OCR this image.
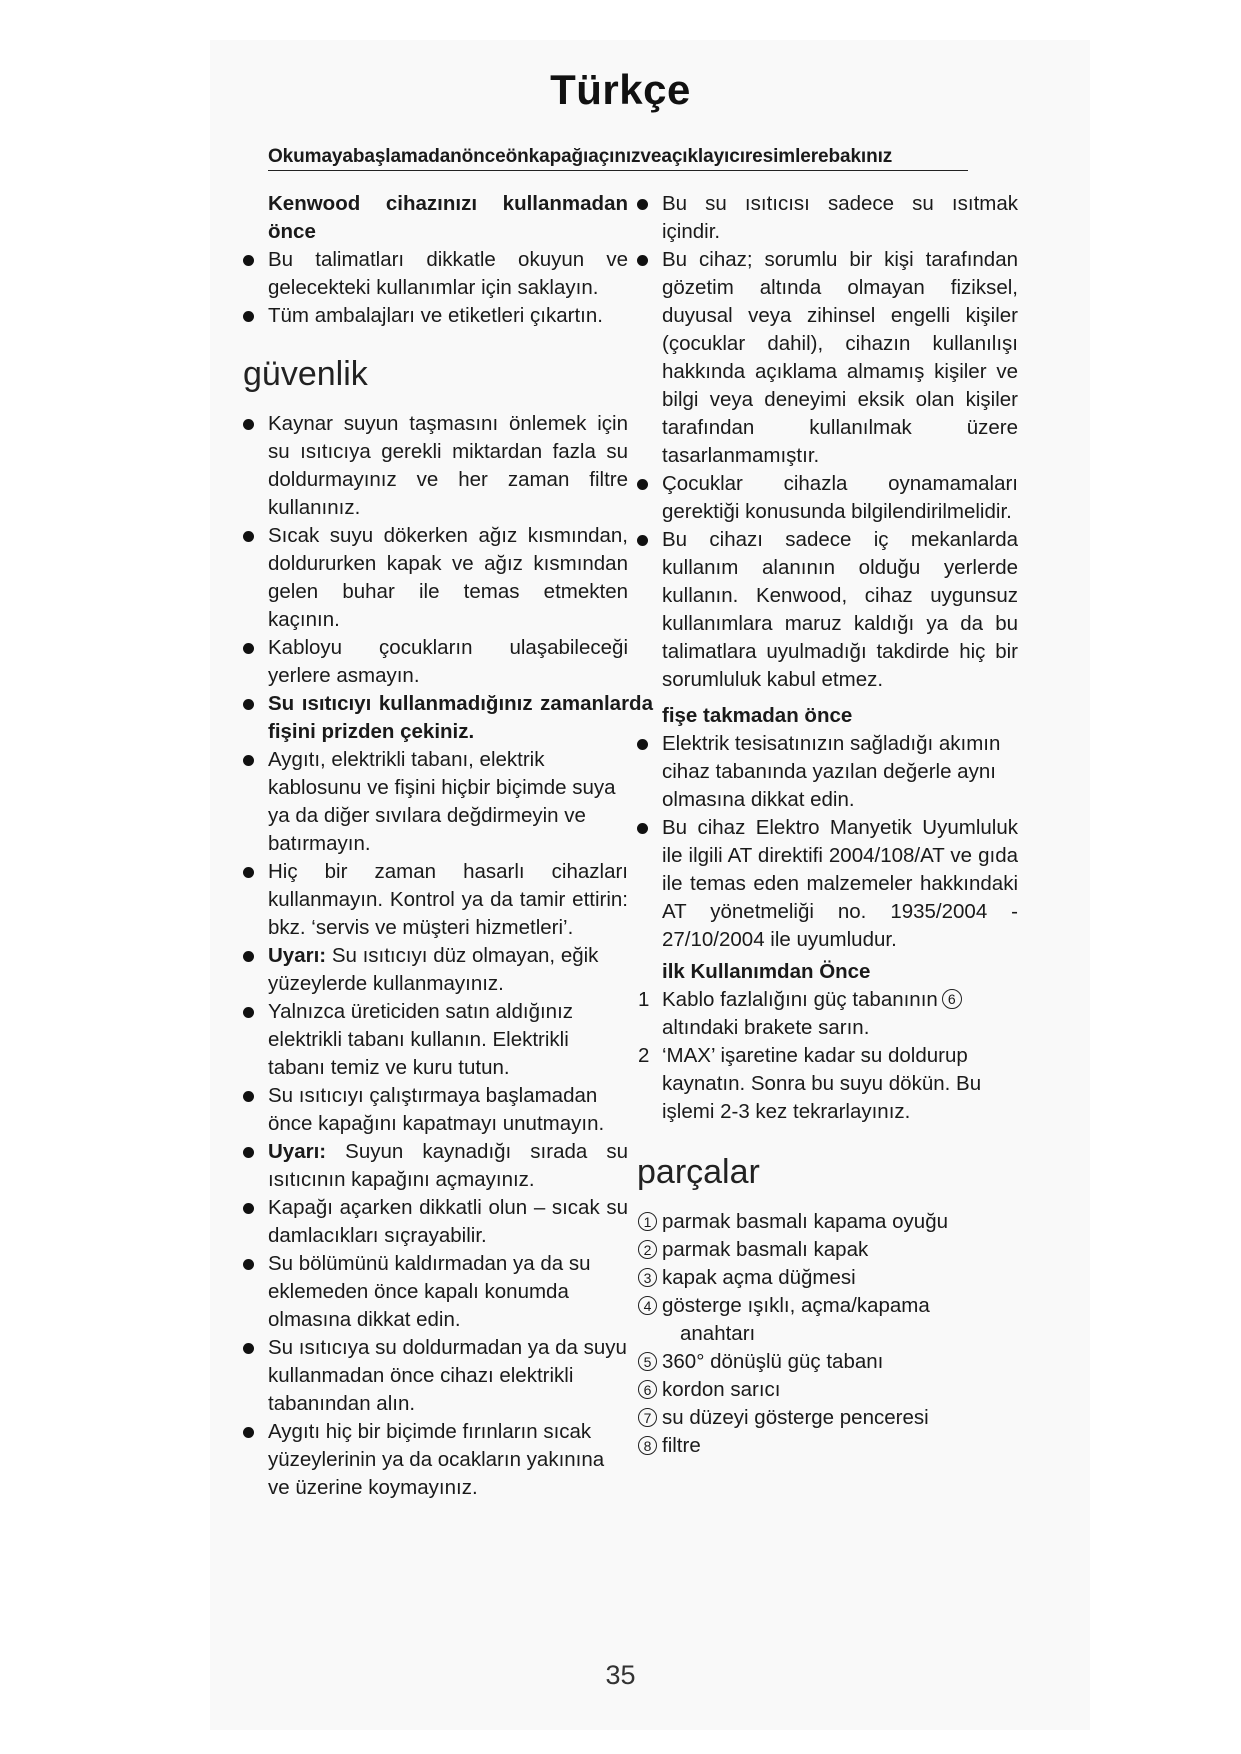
Türkçe
Okumayabaşlamadanönceönkapağıaçınızveaçıklayıcıresimlerebakınız

Kenwood cihazınızı kullanmadan önce

Bu talimatları dikkatle okuyun ve gelecekteki kullanımlar için saklayın.
Tüm ambalajları ve etiketleri çıkartın.

güvenlik

Kaynar suyun taşmasını önlemek için su ısıtıcıya gerekli miktardan fazla su doldurmayınız ve her zaman filtre kullanınız.
Sıcak suyu dökerken ağız kısmından, doldururken kapak ve ağız kısmından gelen buhar ile temas etmekten kaçının.
Kabloyu çocukların ulaşabileceği yerlere asmayın.
Su ısıtıcıyı kullanmadığınız zamanlarda fişini prizden çekiniz.
Aygıtı, elektrikli tabanı, elektrik kablosunu ve fişini hiçbir biçimde suya ya da diğer sıvılara değdirmeyin ve batırmayın.
Hiç bir zaman hasarlı cihazları kullanmayın. Kontrol ya da tamir ettirin: bkz. ‘servis ve müşteri hizmetleri’.
Uyarı: Su ısıtıcıyı düz olmayan, eğik yüzeylerde kullanmayınız.
Yalnızca üreticiden satın aldığınız elektrikli tabanı kullanın. Elektrikli tabanı temiz ve kuru tutun.
Su ısıtıcıyı çalıştırmaya başlamadan önce kapağını kapatmayı unutmayın.
Uyarı: Suyun kaynadığı sırada su ısıtıcının kapağını açmayınız.
Kapağı açarken dikkatli olun – sıcak su damlacıkları sıçrayabilir.
Su bölümünü kaldırmadan ya da su eklemeden önce kapalı konumda olmasına dikkat edin.
Su ısıtıcıya su doldurmadan ya da suyu kullanmadan önce cihazı elektrikli tabanından alın.
Aygıtı hiç bir biçimde fırınların sıcak yüzeylerinin ya da ocakların yakınına ve üzerine koymayınız.
Bu su ısıtıcısı sadece su ısıtmak içindir.
Bu cihaz; sorumlu bir kişi tarafından gözetim altında olmayan fiziksel, duyusal veya zihinsel engelli kişiler (çocuklar dahil), cihazın kullanılışı hakkında açıklama almamış kişiler ve bilgi veya deneyimi eksik olan kişiler tarafından kullanılmak üzere tasarlanmamıştır.
Çocuklar cihazla oynamamaları gerektiği konusunda bilgilendirilmelidir.
Bu cihazı sadece iç mekanlarda kullanım alanının olduğu yerlerde kullanın. Kenwood, cihaz uygunsuz kullanımlara maruz kaldığı ya da bu talimatlara uyulmadığı takdirde hiç bir sorumluluk kabul etmez.

fişe takmadan önce

Elektrik tesisatınızın sağladığı akımın cihaz tabanında yazılan değerle aynı olmasına dikkat edin.
Bu cihaz Elektro Manyetik Uyumluluk ile ilgili AT direktifi 2004/108/AT ve gıda ile temas eden malzemeler hakkındaki AT yönetmeliği no. 1935/2004 - 27/10/2004 ile uyumludur.

ilk Kullanımdan Önce

1 Kablo fazlalığını güç tabanının 6
altındaki brakete sarın.
2 ‘MAX’ işaretine kadar su doldurup kaynatın. Sonra bu suyu dökün. Bu işlemi 2-3 kez tekrarlayınız.

parçalar

1 parmak basmalı kapama oyuğu
2 parmak basmalı kapak
3 kapak açma düğmesi
4 gösterge ışıklı, açma/kapama
anahtarı
5 360° dönüşlü güç tabanı
6 kordon sarıcı
7 su düzeyi gösterge penceresi
8 filtre
35
